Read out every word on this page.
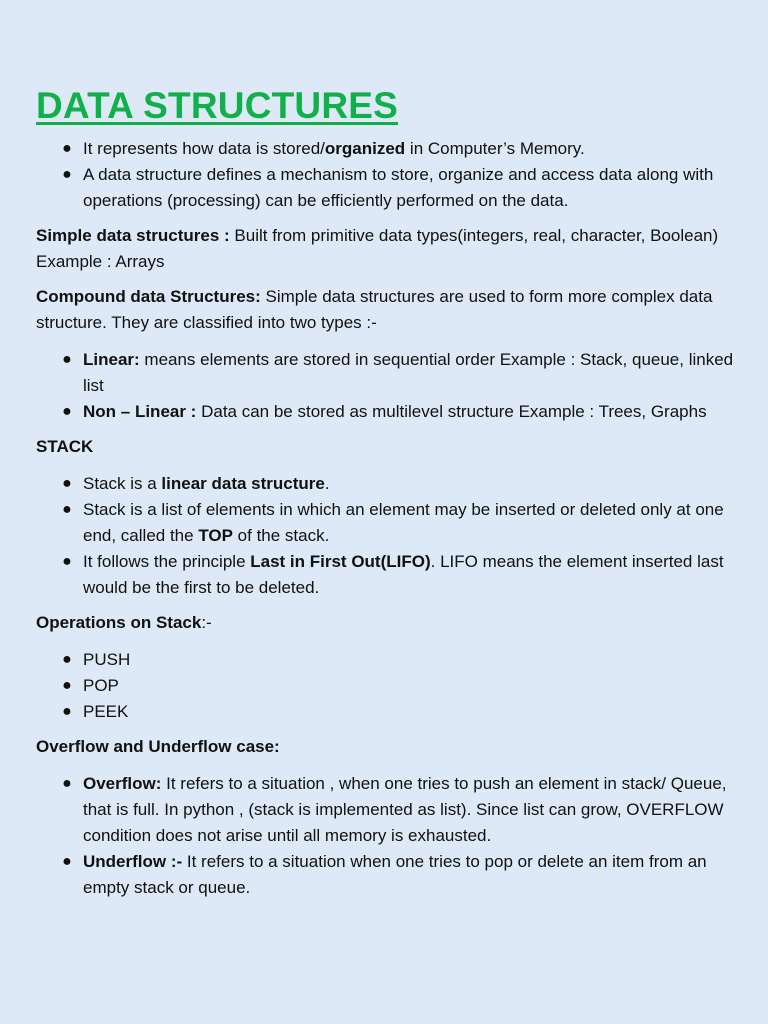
DATA STRUCTURES
● It represents how data is stored/organized in Computer’s Memory.
● A data structure defines a mechanism to store, organize and access data along with operations (processing) can be efficiently performed on the data.

Simple data structures : Built from primitive data types(integers, real, character, Boolean) Example : Arrays

Compound data Structures: Simple data structures are used to form more complex data structure. They are classified into two types :-

● Linear: means elements are stored in sequential order Example : Stack, queue, linked list
● Non – Linear : Data can be stored as multilevel structure Example : Trees, Graphs

STACK

● Stack is a linear data structure.
● Stack is a list of elements in which an element may be inserted or deleted only at one end, called the TOP of the stack.
● It follows the principle Last in First Out(LIFO). LIFO means the element inserted last would be the first to be deleted.

Operations on Stack:-

● PUSH
● POP
● PEEK

Overflow and Underflow case:

● Overflow: It refers to a situation , when one tries to push an element in stack/ Queue, that is full. In python , (stack is implemented as list). Since list can grow, OVERFLOW condition does not arise until all memory is exhausted.
● Underflow :- It refers to a situation when one tries to pop or delete an item from an empty stack or queue.
